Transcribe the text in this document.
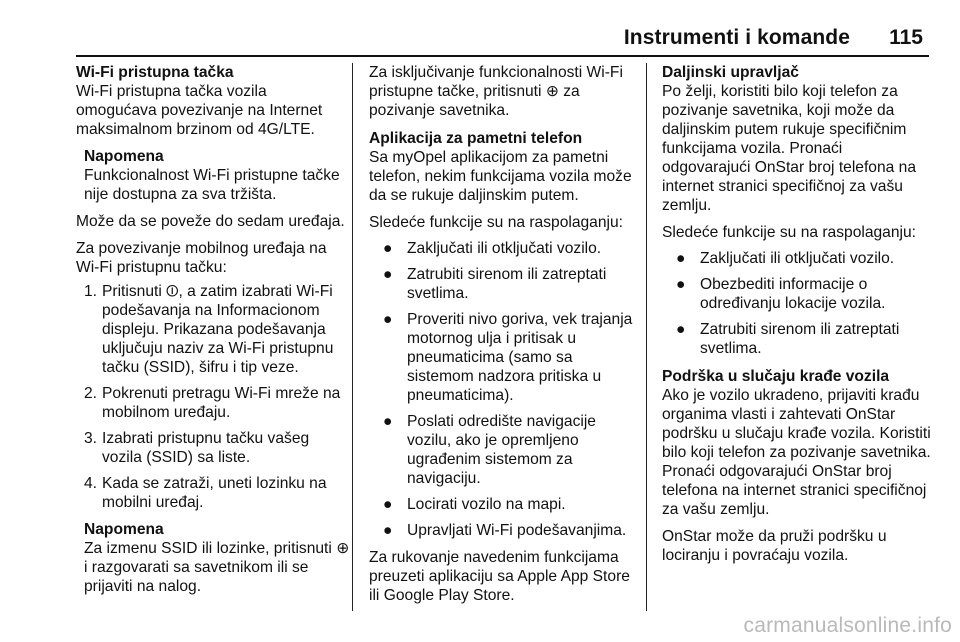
Instrumenti i komande 115
Wi-Fi pristupna tačka

Wi-Fi pristupna tačka vozila omogućava povezivanje na Internet maksimalnom brzinom od 4G/LTE.

Napomena

Funkcionalnost Wi-Fi pristupne tačke nije dostupna za sva tržišta.

Može da se poveže do sedam uređaja.

Za povezivanje mobilnog uređaja na Wi-Fi pristupnu tačku:

1. Pritisnuti ⏼, a zatim izabrati Wi-Fi podešavanja na Informacionom displeju. Prikazana podešavanja uključuju naziv za Wi-Fi pristupnu tačku (SSID), šifru i tip veze.
2. Pokrenuti pretragu Wi-Fi mreže na mobilnom uređaju.
3. Izabrati pristupnu tačku vašeg vozila (SSID) sa liste.
4. Kada se zatraži, uneti lozinku na mobilni uređaj.
Napomena

Za izmenu SSID ili lozinke, pritisnuti ⊕ i razgovarati sa savetnikom ili se prijaviti na nalog.

Za isključivanje funkcionalnosti Wi-Fi pristupne tačke, pritisnuti ⊕ za pozivanje savetnika.

Aplikacija za pametni telefon

Sa myOpel aplikacijom za pametni telefon, nekim funkcijama vozila može da se rukuje daljinskim putem.

Sledeće funkcije su na raspolaganju:

● Zaključati ili otključati vozilo.
● Zatrubiti sirenom ili zatreptati svetlima.
● Proveriti nivo goriva, vek trajanja motornog ulja i pritisak u pneumaticima (samo sa sistemom nadzora pritiska u pneumaticima).
● Poslati odredište navigacije vozilu, ako je opremljeno ugrađenim sistemom za navigaciju.
● Locirati vozilo na mapi.
● Upravljati Wi-Fi podešavanjima.

Za rukovanje navedenim funkcijama preuzeti aplikaciju sa Apple App Store ili Google Play Store.

Daljinski upravljač

Po želji, koristiti bilo koji telefon za pozivanje savetnika, koji može da daljinskim putem rukuje specifičnim funkcijama vozila. Pronaći odgovarajući OnStar broj telefona na internet stranici specifičnoj za vašu zemlju.

Sledeće funkcije su na raspolaganju:

● Zaključati ili otključati vozilo.
● Obezbediti informacije o određivanju lokacije vozila.
● Zatrubiti sirenom ili zatreptati svetlima.
Podrška u slučaju krađe vozila

Ako je vozilo ukradeno, prijaviti krađu organima vlasti i zahtevati OnStar podršku u slučaju krađe vozila. Koristiti bilo koji telefon za pozivanje savetnika. Pronaći odgovarajući OnStar broj telefona na internet stranici specifičnoj za vašu zemlju.

OnStar može da pruži podršku u lociranju i povraćaju vozila.

carmanualsonline.info
